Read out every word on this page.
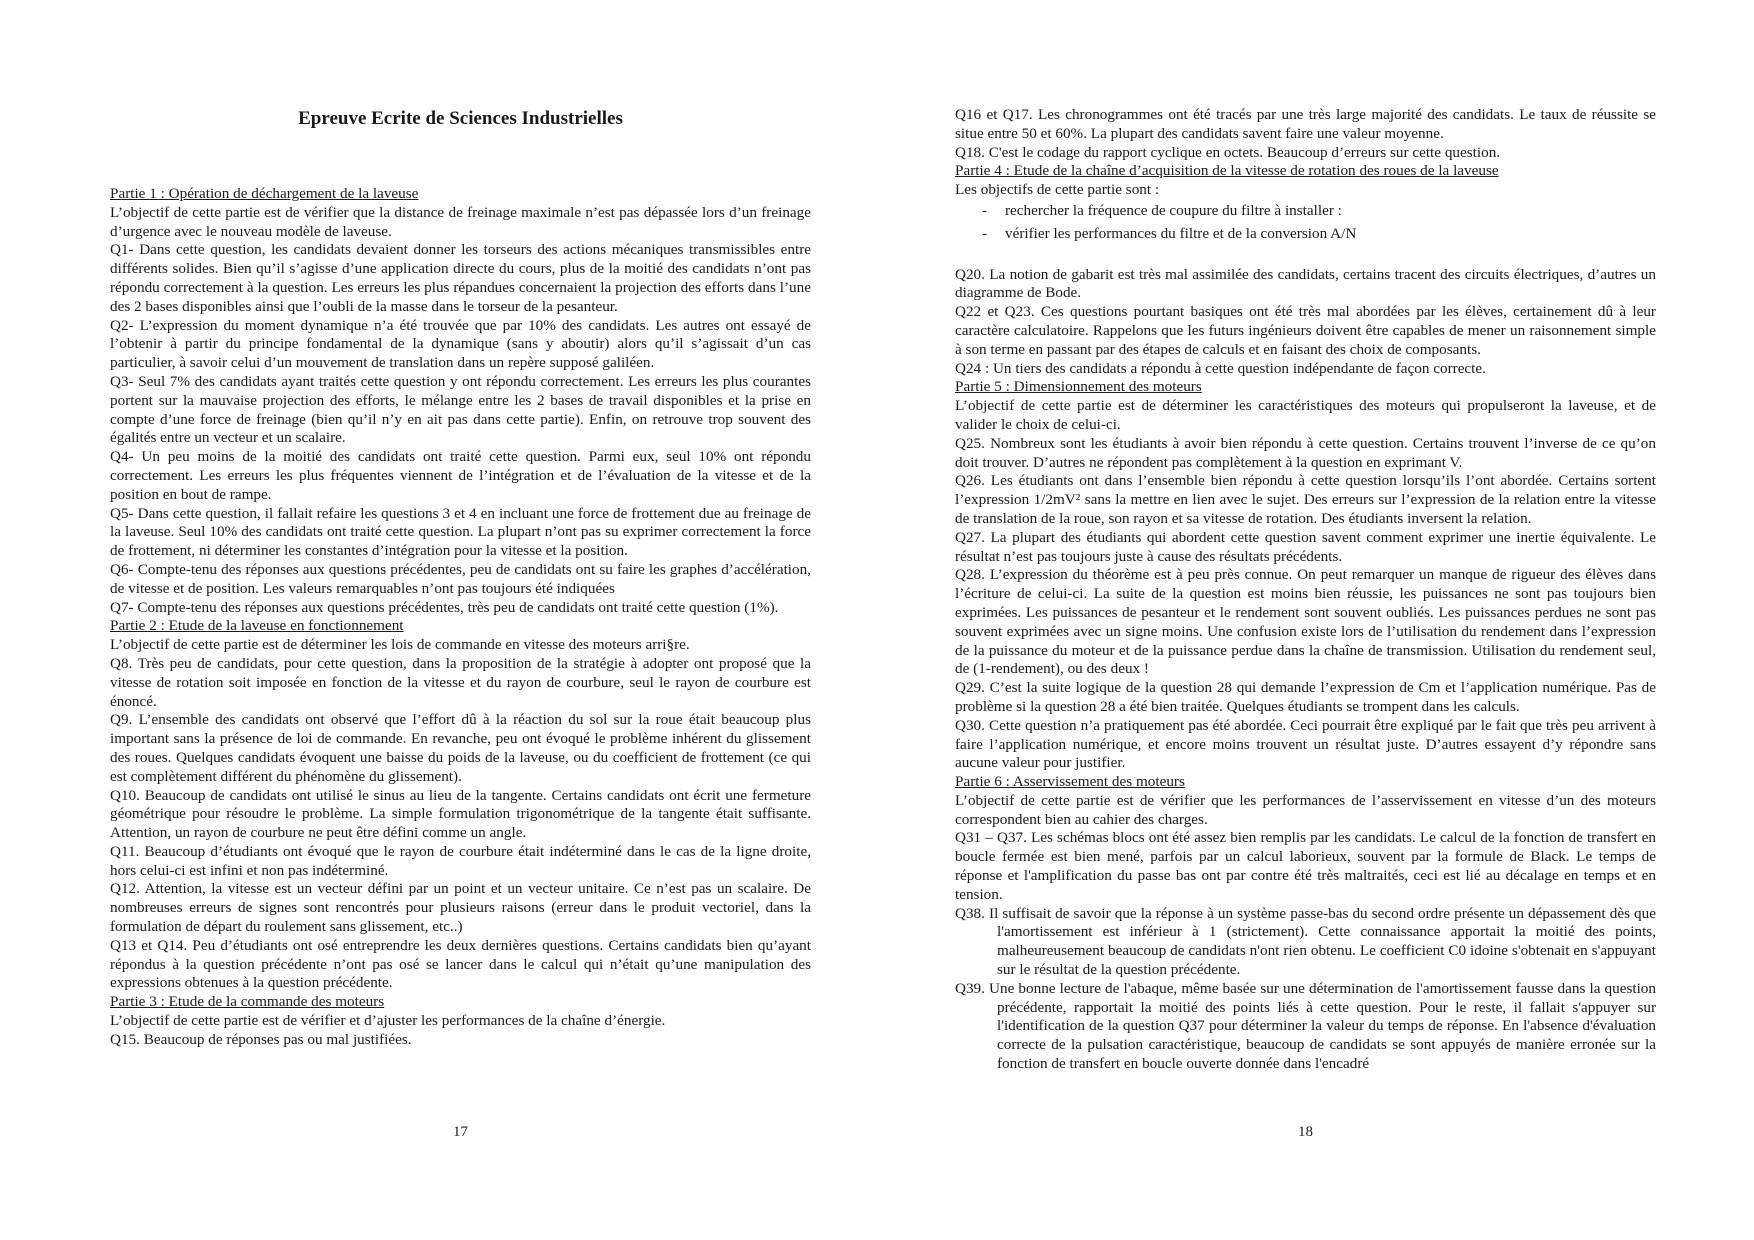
Epreuve Ecrite de Sciences Industrielles
Partie 1 : Opération de déchargement de la laveuse

L’objectif de cette partie est de vérifier que la distance de freinage maximale n’est pas dépassée lors d’un freinage d’urgence avec le nouveau modèle de laveuse.

Q1- Dans cette question, les candidats devaient donner les torseurs des actions mécaniques transmissibles entre différents solides. Bien qu’il s’agisse d’une application directe du cours, plus de la moitié des candidats n’ont pas répondu correctement à la question. Les erreurs les plus répandues concernaient la projection des efforts dans l’une des 2 bases disponibles ainsi que l’oubli de la masse dans le torseur de la pesanteur.

Q2- L’expression du moment dynamique n’a été trouvée que par 10% des candidats. Les autres ont essayé de l’obtenir à partir du principe fondamental de la dynamique (sans y aboutir) alors qu’il s’agissait d’un cas particulier, à savoir celui d’un mouvement de translation dans un repère supposé galiléen.

Q3- Seul 7% des candidats ayant traités cette question y ont répondu correctement. Les erreurs les plus courantes portent sur la mauvaise projection des efforts, le mélange entre les 2 bases de travail disponibles et la prise en compte d’une force de freinage (bien qu’il n’y en ait pas dans cette partie). Enfin, on retrouve trop souvent des égalités entre un vecteur et un scalaire.

Q4- Un peu moins de la moitié des candidats ont traité cette question. Parmi eux, seul 10% ont répondu correctement. Les erreurs les plus fréquentes viennent de l’intégration et de l’évaluation de la vitesse et de la position en bout de rampe.

Q5- Dans cette question, il fallait refaire les questions 3 et 4 en incluant une force de frottement due au freinage de la laveuse. Seul 10% des candidats ont traité cette question. La plupart n’ont pas su exprimer correctement la force de frottement, ni déterminer les constantes d’intégration pour la vitesse et la position.

Q6- Compte-tenu des réponses aux questions précédentes, peu de candidats ont su faire les graphes d’accélération, de vitesse et de position. Les valeurs remarquables n’ont pas toujours été indiquées

Q7- Compte-tenu des réponses aux questions précédentes, très peu de candidats ont traité cette question (1%).

Partie 2 : Etude de la laveuse en fonctionnement

L’objectif de cette partie est de déterminer les lois de commande en vitesse des moteurs arri§re.

Q8. Très peu de candidats, pour cette question, dans la proposition de la stratégie à adopter ont proposé que la vitesse de rotation soit imposée en fonction de la vitesse et du rayon de courbure, seul le rayon de courbure est énoncé.

Q9. L’ensemble des candidats ont observé que l’effort dû à la réaction du sol sur la roue était beaucoup plus important sans la présence de loi de commande. En revanche, peu ont évoqué le problème inhérent du glissement des roues. Quelques candidats évoquent une baisse du poids de la laveuse, ou du coefficient de frottement (ce qui est complètement différent du phénomène du glissement).

Q10. Beaucoup de candidats ont utilisé le sinus au lieu de la tangente. Certains candidats ont écrit une fermeture géométrique pour résoudre le problème. La simple formulation trigonométrique de la tangente était suffisante. Attention, un rayon de courbure ne peut être défini comme un angle.

Q11. Beaucoup d’étudiants ont évoqué que le rayon de courbure était indéterminé dans le cas de la ligne droite, hors celui-ci est infini et non pas indéterminé.

Q12. Attention, la vitesse est un vecteur défini par un point et un vecteur unitaire. Ce n’est pas un scalaire. De nombreuses erreurs de signes sont rencontrés pour plusieurs raisons (erreur dans le produit vectoriel, dans la formulation de départ du roulement sans glissement, etc..)

Q13 et Q14. Peu d’étudiants ont osé entreprendre les deux dernières questions. Certains candidats bien qu’ayant répondus à la question précédente n’ont pas osé se lancer dans le calcul qui n’était qu’une manipulation des expressions obtenues à la question précédente.

Partie 3 : Etude de la commande des moteurs

L’objectif de cette partie est de vérifier et d’ajuster les performances de la chaîne d’énergie.

Q15. Beaucoup de réponses pas ou mal justifiées.

17

Q16 et Q17. Les chronogrammes ont été tracés par une très large majorité des candidats. Le taux de réussite se situe entre 50 et 60%. La plupart des candidats savent faire une valeur moyenne.

Q18. C'est le codage du rapport cyclique en octets. Beaucoup d’erreurs sur cette question.

Partie 4 : Etude de la chaîne d’acquisition de la vitesse de rotation des roues de la laveuse

Les objectifs de cette partie sont :

- rechercher la fréquence de coupure du filtre à installer :
- vérifier les performances du filtre et de la conversion A/N

Q20. La notion de gabarit est très mal assimilée des candidats, certains tracent des circuits électriques, d’autres un diagramme de Bode.

Q22 et Q23. Ces questions pourtant basiques ont été très mal abordées par les élèves, certainement dû à leur caractère calculatoire. Rappelons que les futurs ingénieurs doivent être capables de mener un raisonnement simple à son terme en passant par des étapes de calculs et en faisant des choix de composants.

Q24 : Un tiers des candidats a répondu à cette question indépendante de façon correcte.

Partie 5 : Dimensionnement des moteurs

L’objectif de cette partie est de déterminer les caractéristiques des moteurs qui propulseront la laveuse, et de valider le choix de celui-ci.

Q25. Nombreux sont les étudiants à avoir bien répondu à cette question. Certains trouvent l’inverse de ce qu’on doit trouver. D’autres ne répondent pas complètement à la question en exprimant V.

Q26. Les étudiants ont dans l’ensemble bien répondu à cette question lorsqu’ils l’ont abordée. Certains sortent l’expression 1/2mV² sans la mettre en lien avec le sujet. Des erreurs sur l’expression de la relation entre la vitesse de translation de la roue, son rayon et sa vitesse de rotation. Des étudiants inversent la relation.

Q27. La plupart des étudiants qui abordent cette question savent comment exprimer une inertie équivalente. Le résultat n’est pas toujours juste à cause des résultats précédents.

Q28. L’expression du théorème est à peu près connue. On peut remarquer un manque de rigueur des élèves dans l’écriture de celui-ci. La suite de la question est moins bien réussie, les puissances ne sont pas toujours bien exprimées. Les puissances de pesanteur et le rendement sont souvent oubliés. Les puissances perdues ne sont pas souvent exprimées avec un signe moins. Une confusion existe lors de l’utilisation du rendement dans l’expression de la puissance du moteur et de la puissance perdue dans la chaîne de transmission. Utilisation du rendement seul, de (1-rendement), ou des deux !

Q29. C’est la suite logique de la question 28 qui demande l’expression de Cm et l’application numérique. Pas de problème si la question 28 a été bien traitée. Quelques étudiants se trompent dans les calculs.

Q30. Cette question n’a pratiquement pas été abordée. Ceci pourrait être expliqué par le fait que très peu arrivent à faire l’application numérique, et encore moins trouvent un résultat juste. D’autres essayent d’y répondre sans aucune valeur pour justifier.

Partie 6 : Asservissement des moteurs

L’objectif de cette partie est de vérifier que les performances de l’asservissement en vitesse d’un des moteurs correspondent bien au cahier des charges.

Q31 – Q37. Les schémas blocs ont été assez bien remplis par les candidats. Le calcul de la fonction de transfert en boucle fermée est bien mené, parfois par un calcul laborieux, souvent par la formule de Black. Le temps de réponse et l'amplification du passe bas ont par contre été très maltraités, ceci est lié au décalage en temps et en tension.

Q38. Il suffisait de savoir que la réponse à un système passe-bas du second ordre présente un dépassement dès que l'amortissement est inférieur à 1 (strictement). Cette connaissance apportait la moitié des points, malheureusement beaucoup de candidats n'ont rien obtenu. Le coefficient C0 idoine s'obtenait en s'appuyant sur le résultat de la question précédente.

Q39. Une bonne lecture de l'abaque, même basée sur une détermination de l'amortissement fausse dans la question précédente, rapportait la moitié des points liés à cette question. Pour le reste, il fallait s'appuyer sur l'identification de la question Q37 pour déterminer la valeur du temps de réponse. En l'absence d'évaluation correcte de la pulsation caractéristique, beaucoup de candidats se sont appuyés de manière erronée sur la fonction de transfert en boucle ouverte donnée dans l'encadré

18
